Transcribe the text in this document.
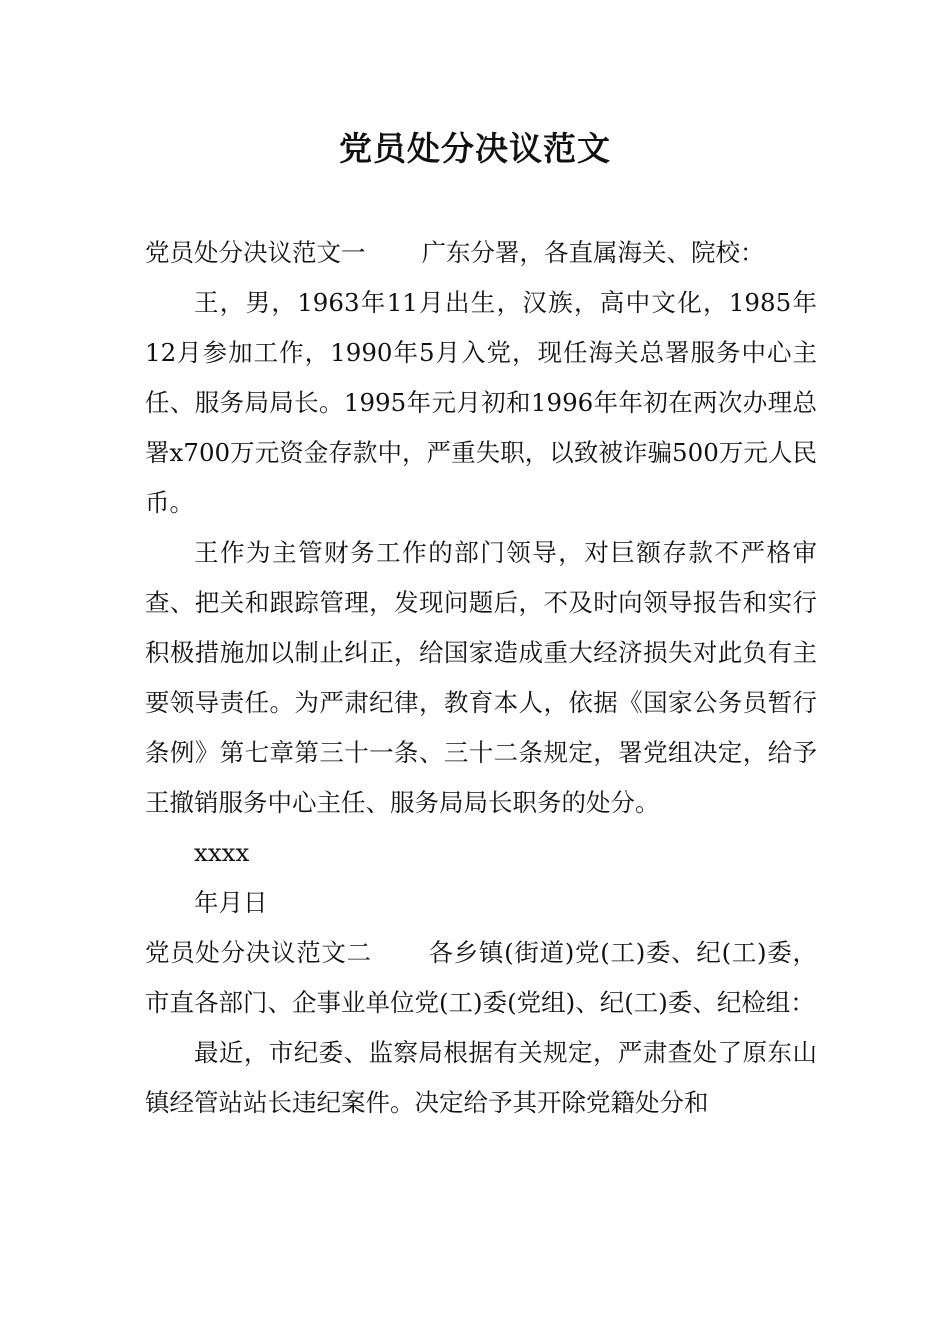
党员处分决议范文

党员处分决议范文一 广东分署，各直属海关、院校：

王，男，1963年11月出生，汉族，高中文化，1985年12月参加工作，1990年5月入党，现任海关总署服务中心主任、服务局局长。1995年元月初和1996年年初在两次办理总署x700万元资金存款中，严重失职，以致被诈骗500万元人民币。

王作为主管财务工作的部门领导，对巨额存款不严格审查、把关和跟踪管理，发现问题后，不及时向领导报告和实行积极措施加以制止纠正，给国家造成重大经济损失对此负有主要领导责任。为严肃纪律，教育本人，依据《国家公务员暂行条例》第七章第三十一条、三十二条规定，署党组决定，给予王撤销服务中心主任、服务局局长职务的处分。

xxxx

年月日

党员处分决议范文二 各乡镇(街道)党(工)委、纪(工)委，市直各部门、企事业单位党(工)委(党组)、纪(工)委、纪检组：

最近，市纪委、监察局根据有关规定，严肃查处了原东山镇经管站站长违纪案件。决定给予其开除党籍处分和
